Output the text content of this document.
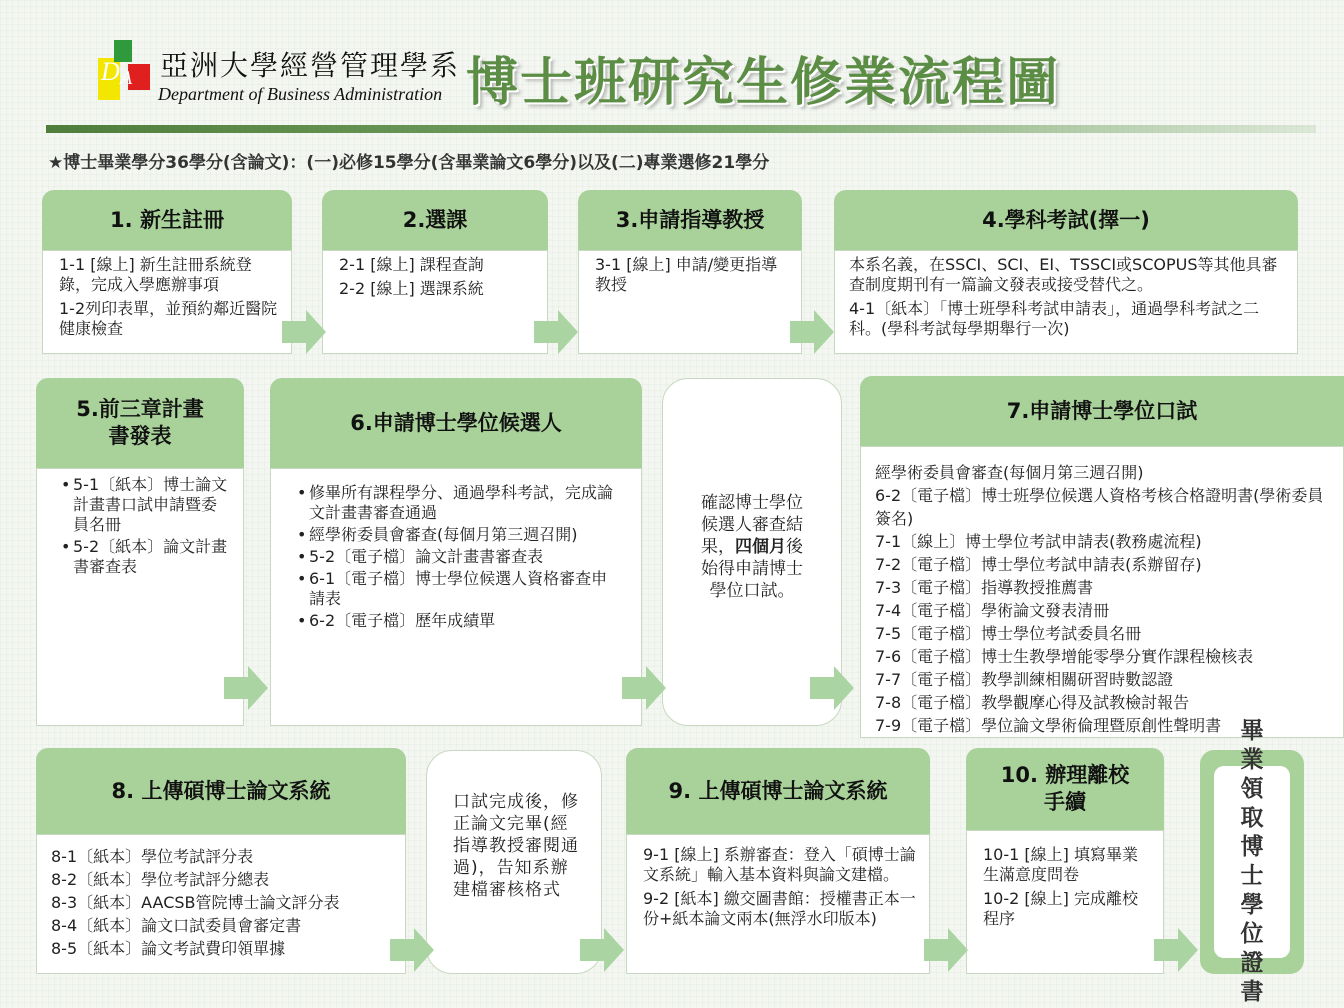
D A 亞洲大學經營管理學系
Department of Business Administration 博士班研究生修業流程圖
★博士畢業學分36學分(含論文)：(一)必修15學分(含畢業論文6學分)以及(二)專業選修21學分
1. 新生註冊

1-1 [線上] 新生註冊系統登錄，完成入學應辦事項

1-2列印表單，並預約鄰近醫院健康檢查

2.選課

2-1 [線上] 課程查詢

2-2 [線上] 選課系統

3.申請指導教授

3-1 [線上] 申請/變更指導教授

4.學科考試(擇一)

本系名義，在SSCI、SCI、EI、TSSCI或SCOPUS等其他具審查制度期刊有一篇論文發表或接受替代之。

4-1〔紙本〕「博士班學科考試申請表」，通過學科考試之二科。(學科考試每學期舉行一次)

5.前三章計畫書發表
• 5-1〔紙本〕博士論文計畫書口試申請暨委員名冊
• 5-2〔紙本〕論文計畫書審查表
6.申請博士學位候選人
• 修畢所有課程學分、通過學科考試，完成論文計畫書審查通過
• 經學術委員會審查(每個月第三週召開)
• 5-2〔電子檔〕論文計畫書審查表
• 6-1〔電子檔〕博士學位候選人資格審查申請表
• 6-2〔電子檔〕歷年成績單
確認博士學位候選人審查結果，四個月後始得申請博士學位口試。
7.申請博士學位口試
經學術委員會審查(每個月第三週召開)
6-2〔電子檔〕博士班學位候選人資格考核合格證明書(學術委員簽名)
7-1〔線上〕博士學位考試申請表(教務處流程)
7-2〔電子檔〕博士學位考試申請表(系辦留存)
7-3〔電子檔〕指導教授推薦書
7-4〔電子檔〕學術論文發表清冊
7-5〔電子檔〕博士學位考試委員名冊
7-6〔電子檔〕博士生教學增能零學分實作課程檢核表
7-7〔電子檔〕教學訓練相關研習時數認證
7-8〔電子檔〕教學觀摩心得及試教檢討報告
7-9〔電子檔〕學位論文學術倫理暨原創性聲明書
8. 上傳碩博士論文系統
8-1〔紙本〕學位考試評分表
8-2〔紙本〕學位考試評分總表
8-3〔紙本〕AACSB管院博士論文評分表
8-4〔紙本〕論文口試委員會審定書
8-5〔紙本〕論文考試費印領單據
口試完成後，修正論文完畢(經指導教授審閱通過)，告知系辦建檔審核格式
9. 上傳碩博士論文系統

9-1 [線上] 系辦審查：登入「碩博士論文系統」輸入基本資料與論文建檔。

9-2 [紙本] 繳交圖書館：授權書正本一份+紙本論文兩本(無浮水印版本)

10. 辦理離校手續

10-1 [線上] 填寫畢業生滿意度問卷

10-2 [線上] 完成離校程序

畢業領取博士學位證書
